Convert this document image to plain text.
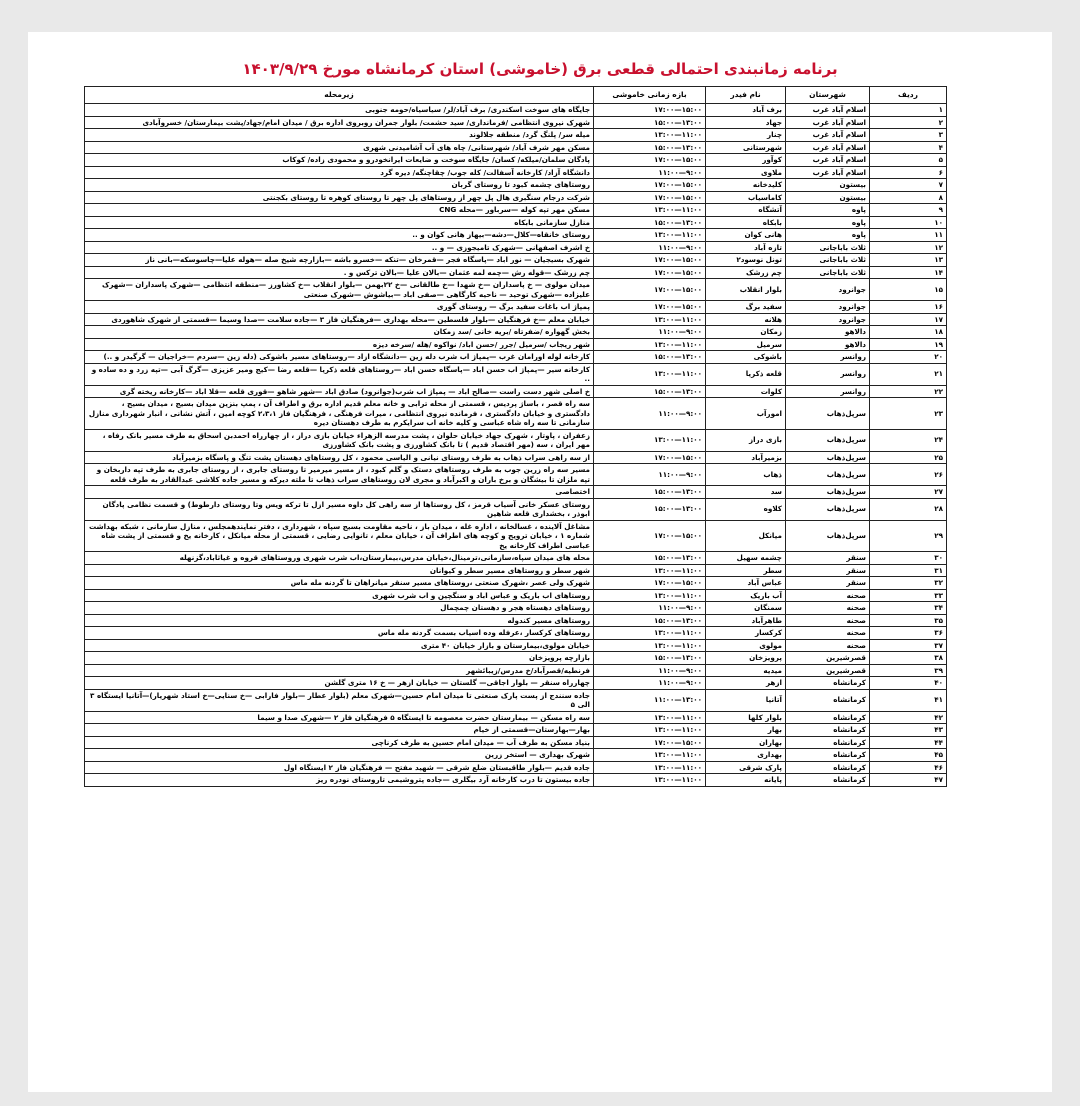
برنامه زمانبندی احتمالی قطعی برق (خاموشی) استان کرمانشاه مورخ ۱۴۰۳/۹/۲۹
ردیف	شهرستان	نام فیدر	بازه زمانی خاموشی	زیرمحله
۱	اسلام آباد غرب	برف آباد	۱۵:۰۰—۱۷:۰۰	جایگاه های سوخت اسکندری/ برف آباد/لر/ سیاسیاه/حومه جنوبی
۲	اسلام آباد غرب	جهاد	۱۳:۰۰—۱۵:۰۰	شهرک نیروی انتظامی /فرمانداری/ سید حشمت/ بلوار جمران روبروی اداره برق / میدان امام/جهاد/پشت بیمارستان/ خسروآبادی
۳	اسلام آباد غرب	چنار	۱۱:۰۰—۱۳:۰۰	میله سر/ پلنگ گرد/ منطقه جلالوند
۴	اسلام آباد غرب	شهرستانی	۱۳:۰۰—۱۵:۰۰	مسکن مهر شرف آباد/ شهرستانی/ چاه های آب آشامیدنی شهری
۵	اسلام آباد غرب	کوآور	۱۵:۰۰—۱۷:۰۰	پادگان سلمان/میلکه/ کسان/ جایگاه سوخت و ضایعات ایرانخودرو و محمودی زاده/ کوکاب
۶	اسلام آباد غرب	ملاوی	۹:۰۰—۱۱:۰۰	دانشگاه آزاد/ کارخانه آسفالت/ کله جوب/ چقاچنگه/ دیره گرد
۷	بیستون	کلیدخانه	۱۵:۰۰—۱۷:۰۰	روستاهای چشمه کبود تا روستای گربان
۸	بیستون	کاماسیاب	۱۵:۰۰—۱۷:۰۰	شرکت درجام سنگبری هال پل چهر از روستاهای پل چهر تا روستای کوهره تا روستای بکجنتی
۹	پاوه	آتشگاه	۱۱:۰۰—۱۳:۰۰	مسکن مهر تپه کوله —سرباور —محله CNG
۱۰	پاوه	بابکاه	۱۳:۰۰—۱۵:۰۰	منازل سازمانی بابکاه
۱۱	پاوه	هانی کوان	۱۱:۰۰—۱۳:۰۰	روستای خانقاه—کلال—دشه—بیهاز هانی کوان و ..
۱۲	ثلاث باباجانی	تازه آباد	۹:۰۰—۱۱:۰۰	خ اشرف اصفهانی —شهرک تامیجوزی — و ..
۱۳	ثلاث باباجانی	تونل نوسود۲	۱۵:۰۰—۱۷:۰۰	شهرک بسیجیان — نور اباد —پاسگاه فجر —قمرخان —تنکه —خسرو باشه —بازارچه شیخ صله —هوله علیا—چاسوسکه—بانی ناز
۱۴	ثلاث باباجانی	چم زرشک	۱۵:۰۰—۱۷:۰۰	چم زرشک —قوله رش —چمه لمه عثمان —بالان علیا —بالان ترکس و .
۱۵	جوانرود	بلوار انقلاب	۱۵:۰۰—۱۷:۰۰	میدان مولوی — خ پاسداران —خ شهدا —خ طالقانی —خ ۲۲بهمن —بلوار انقلاب —خ کشاورز —منطقه انتظامی —شهرک پاسداران —شهرک علیزاده —شهرک توحید — ناحیه کارگاهی —صفی اباد —بیاشوش —شهرک صنعتی
۱۶	جوانرود	سفید برگ	۱۵:۰۰—۱۷:۰۰	پمپاژ اب باغات سفید برگ — روستای گوری
۱۷	جوانرود	هلانه	۱۱:۰۰—۱۳:۰۰	خیابان معلم —خ فرهنگیان —بلوار فلسطین —محله بهداری —فرهنگیان فاز ۳ —جاده سلامت —صدا وسیما —قسمتی از شهرک شاهوردی
۱۸	دالاهو	زمکان	۹:۰۰—۱۱:۰۰	بخش گهواره /ضفرتاه /بریه خانی /سد زمکان
۱۹	دالاهو	سرمیل	۱۱:۰۰—۱۳:۰۰	شهر ریجاب /سرمیل /جرر /حسن اباد/ نواکوه /هله /سرخه دیزه
۲۰	روانسر	باشوکی	۱۳:۰۰—۱۵:۰۰	کارخانه لوله اورامان غرب —پمپاژ اب شرب دله زین —دانشگاه ازاد —روستاهای مسیر باشوکی (دله زین —سردم —خراجیان — گرگیدر و ..)
۲۱	روانسر	قلعه ذکریا	۱۱:۰۰—۱۳:۰۰	کارخانه سیر —پمپاژ اب حسن اباد —پاسگاه حسن اباد —روستاهای قلعه ذکریا —قلعه رضا —کیج ومیر عزیزی —گرگ آبی —تپه زرد و ده ساده و ..
۲۲	روانسر	کلوات	۱۳:۰۰—۱۵:۰۰	خ اصلی شهر دست راست —صالح اباد — پمپاژ اب شرب(جوانرود) صادق اباد —شهر شاهو —قوری قلعه —قلا اباد —کارخانه ریخته گری
۲۳	سرپل‌ذهاب	امورآب	۹:۰۰—۱۱:۰۰	سه راه قصر ، باساژ پردیس ، قسمتی از محله ترابی و خانه معلم قدیم اداره برق و اطراف آن ، پمپ بنزین میدان بسیج ، میدان بسیج ، دادگستری و خیابان دادگستری ، فرمانده نیروی انتظامی ، میرات فرهنگی ، فرهنگیان فاز ۲،۳،۱ کوچه امین ، آتش نشانی ، انبار شهرداری منازل سازمانی تا سه راه شاه عباسی و کلیه خانه اب سرایکرم به طرف دهستان دیره
۲۴	سرپل‌ذهاب	بازی دراز	۱۱:۰۰—۱۳:۰۰	زعفران ، پاوتار ، شهرک جهاد خیابان حلوان ، پشت مدرسه الزهراء خیابان بازی دراز ، از چهارراه احمدبن اسحاق به طرف مسیر بانک رفاه ، مهر ایران ، سه (مهر اقتصاد قدیم ) تا بانک کشاورزی و پشت بانک کشاورزی
۲۵	سرپل‌ذهاب	بزمیرآباد	۱۵:۰۰—۱۷:۰۰	از سه راهی سراب ذهاب به طرف روستای نیانی و الیاسی محمود ، کل روستاهای دهستان پشت تنگ و پاسگاه بزمیرآباد
۲۶	سرپل‌ذهاب	ذهاب	۹:۰۰—۱۱:۰۰	مسیر سه راه زرین جوب به طرف روستاهای دستک و گلم کبود ، از مسیر میرمیر تا روستای جابری ، از روستای جابری به طرف تپه داربخان و تپه ملزان تا بیشگان و برخ باران و اکبرآباد و مجری لان روستاهای سراب ذهاب تا ملته دیرکه و مسیر جاده کلاشی عبدالقادر به طرف قلعه
۲۷	سرپل‌ذهاب	سد	۱۳:۰۰—۱۵:۰۰	اختصاصی
۲۸	سرپل‌ذهاب	کلاوه	۱۳:۰۰—۱۵:۰۰	روستای عسکر خانی آسیاب قرمز ، کل روستاها از سه راهی کل داوه مسیر ازل تا ترکه ویس وتا روستای دارطوط) و قسمت نظامی پادگان ابوذر ، بخشداری قلعه شاهین
۲۹	سرپل‌ذهاب	میانکل	۱۵:۰۰—۱۷:۰۰	مشاغل آلاینده ، غسالخانه ، اداره غله ، میدان باز ، ناحیه مقاومت بسیج سپاه ، شهرداری ، دفتر نمایندهمجلس ، منازل سازمانی ، شبکه بهداشت شماره ۱ ، خیابان ترویج و کوچه های اطراف آن ، خیابان معلم ، تانوایی رضایی ، قسمتی از محله میانکل ، کارخانه یخ و قسمتی از پشت شاه عباسی اطراف کارخانه یخ
۳۰	سنقر	چشمه سهیل	۱۳:۰۰—۱۵:۰۰	محله های میدان سپاه،سازمانی،ترمینال،خیابان مدرس،بیمارستان،اب شرب شهری وروستاهای قروه و غیاثاباد،گزنهله
۳۱	سنقر	سطر	۱۱:۰۰—۱۳:۰۰	شهر سطر و روستاهای مسیر سطر و کیوانان
۳۲	سنقر	عباس آباد	۱۵:۰۰—۱۷:۰۰	شهرک ولی عصر ،شهرک صنعتی ،روستاهای مسیر سنقر میانراهان تا گردنه مله ماس
۳۳	صحنه	آب باریک	۱۱:۰۰—۱۳:۰۰	روستاهای اب باریک و عباس اباد و سنگچین و اب شرب شهری
۳۴	صحنه	سمنگان	۹:۰۰—۱۱:۰۰	روستاهای دهستاه هجر و دهستان چمچمال
۳۵	صحنه	طاهرآباد	۱۳:۰۰—۱۵:۰۰	روستاهای مسیر کندوله
۳۶	صحنه	کرکسار	۱۱:۰۰—۱۳:۰۰	روستاهای کرکسار ،عرفله وده اسیاب بسمت گردنه مله ماس
۳۷	صحنه	مولوی	۱۱:۰۰—۱۳:۰۰	خیابان مولوی،بیمارستان و بازار خیابان ۴۰ متری
۳۸	قصرشیرین	پرویزخان	۱۳:۰۰—۱۵:۰۰	بازارچه پرویزخان
۳۹	قصرشیرین	میدیه	۹:۰۰—۱۱:۰۰	فرنطیه/قصرآباد/خ مدرس/زیبائشهر
۴۰	کرمانشاه	ازهر	۹:۰۰—۱۱:۰۰	چهارراه سنقر — بلوار اجاقی— گلستان — خیابان ازهر — خ ۱۶ متری گلشن
۴۱	کرمانشاه	آتانیا	۱۳:۰۰—۱۱:۰۰	جاده سنندج از پست پارک صنعتی تا میدان امام حسین—شهرک معلم (بلوار عطار —بلوار فارابی —خ سنایی—خ استاد شهریار)—آتانیا ایستگاه ۳ الی ۵
۴۲	کرمانشاه	بلوار کلها	۱۱:۰۰—۱۳:۰۰	سه راه مسکن — بیمارستان حضرت معصومه تا ایستگاه ۵ فرهنگیان فاز ۲ —شهرک صدا و سیما
۴۳	کرمانشاه	بهار	۱۱:۰۰—۱۳:۰۰	بهار—بهارستان—قسمتی از خیام
۴۴	کرمانشاه	بهاران	۱۵:۰۰—۱۷:۰۰	بنیاد مسکن به طرف آب — میدان امام حسین به طرف کرناچی
۴۵	کرمانشاه	بهداری	۱۱:۰۰—۱۳:۰۰	شهرک بهداری — استخر زرین
۴۶	کرمانشاه	پارک شرقی	۱۱:۰۰—۱۳:۰۰	جاده قدیم —بلوار طاقبستان ضلع شرقی — شهید مفتح — فرهنگیان فاز ۲ ایستگاه اول
۴۷	کرمانشاه	پایانه	۱۱:۰۰—۱۳:۰۰	جاده بیستون تا درب کارخانه آرد بیگلری —جاده پتروشیمی تاروستای نودره ریز
